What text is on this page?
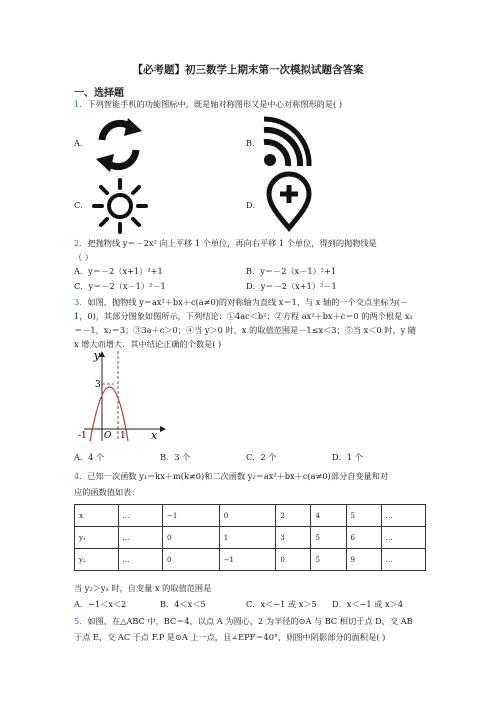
【必考题】初三数学上期末第一次模拟试题含答案
一、选择题
1．下列智能手机的功能图标中，既是轴对称图形又是中心对称图形的是( )
A．	B．
C．	D．
2．把抛物线 y＝－2x² 向上平移 1 个单位，再向右平移 1 个单位，得到的抛物线是
（ ）
A．y＝－2（x+1）²+1	B．y＝－2（x－1）²+1
C．y＝－2（x－1）²－1	D．y＝－2（x+1）²－1
3．如图，抛物线 y＝ax²＋bx＋c(a≠0)的对称轴为直线 x＝1，与 x 轴的一个交点坐标为(－
1，0)，其部分图象如图所示，下列结论：①4ac＜b²；②方程 ax²＋bx＋c＝0 的两个根是 x₁
＝－1，x₂＝3；③3a＋c＞0；④当 y＞0 时，x 的取值范围是－1≤x＜3；⑤当 x＜0 时，y 随
x 增大而增大．其中结论正确的个数是( )
y
x
3
-1 O 1
A．4 个	B．3 个	C．2 个	D．1 个
4．已知一次函数 y₁＝kx＋m(k≠0)和二次函数 y₂＝ax²＋bx＋c(a≠0)部分自变量和对
应的函数值如表：
x	…	−1	0	2	4	5	…
y₁	…	0	1	3	5	6	…
y₂	…	0	−1	0	5	9	…
当 y₂＞y₁ 时，自变量 x 的取值范围是
A．−1＜x＜2	B．4＜x＜5	C．x＜−1 或 x＞5 D．x＜−1 或 x＞4
5．如图，在△ABC 中，BC＝4，以点 A 为圆心，2 为半径的⊙A 与 BC 相切于点 D，交 AB
于点 E，交 AC 于点 F.P 是⊙A 上一点，且∠EPF＝40°，则图中阴影部分的面积是( )
